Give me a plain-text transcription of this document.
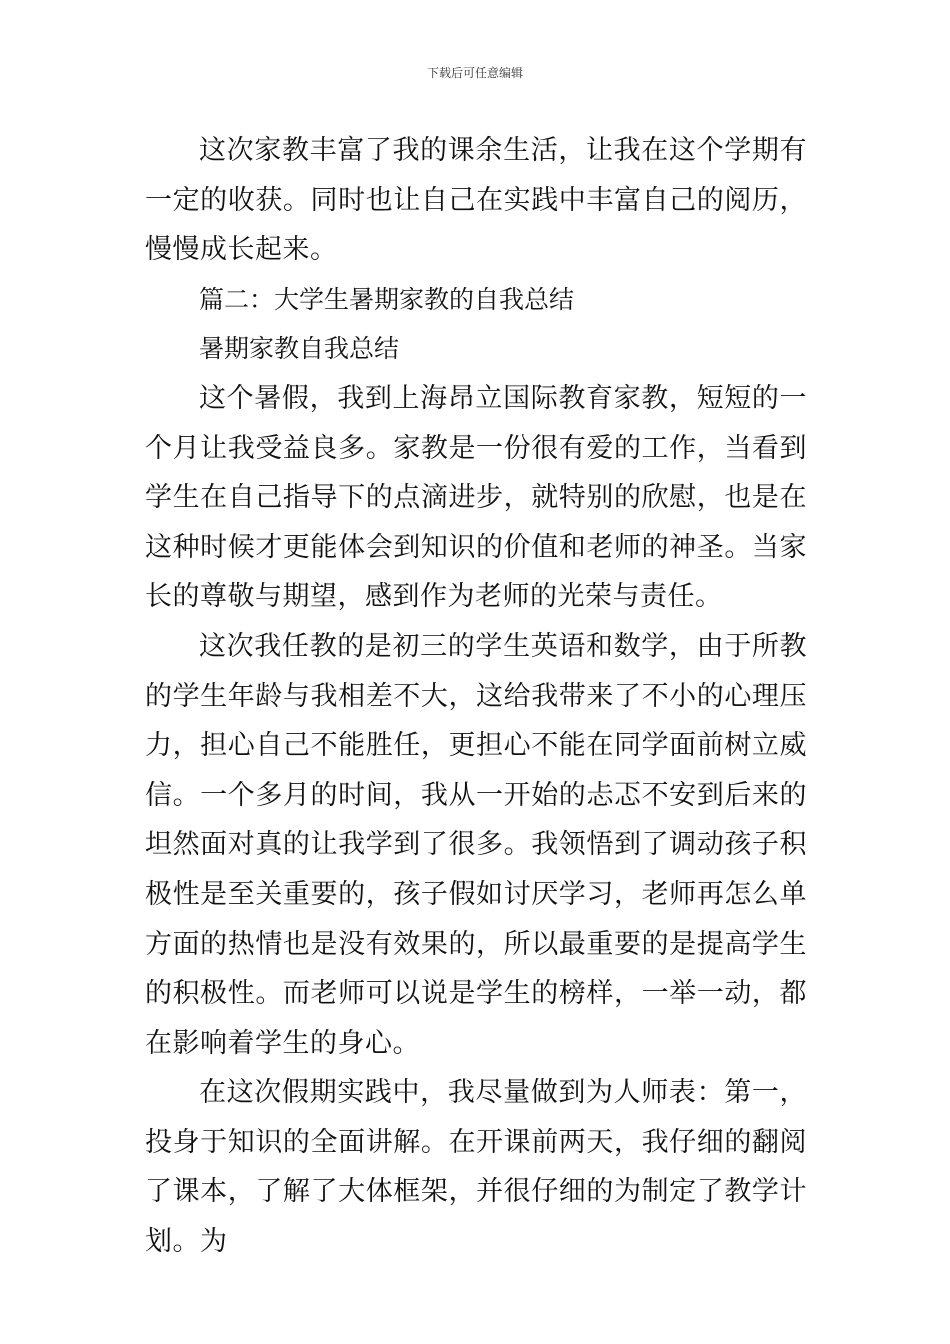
下载后可任意编辑

这次家教丰富了我的课余生活，让我在这个学期有一定的收获。同时也让自己在实践中丰富自己的阅历，慢慢成长起来。

篇二：大学生暑期家教的自我总结

暑期家教自我总结

这个暑假，我到上海昂立国际教育家教，短短的一个月让我受益良多。家教是一份很有爱的工作，当看到学生在自己指导下的点滴进步，就特别的欣慰，也是在这种时候才更能体会到知识的价值和老师的神圣。当家长的尊敬与期望，感到作为老师的光荣与责任。

这次我任教的是初三的学生英语和数学，由于所教的学生年龄与我相差不大，这给我带来了不小的心理压力，担心自己不能胜任，更担心不能在同学面前树立威信。一个多月的时间，我从一开始的忐忑不安到后来的坦然面对真的让我学到了很多。我领悟到了调动孩子积极性是至关重要的，孩子假如讨厌学习，老师再怎么单方面的热情也是没有效果的，所以最重要的是提高学生的积极性。而老师可以说是学生的榜样，一举一动，都在影响着学生的身心。

在这次假期实践中，我尽量做到为人师表：第一，投身于知识的全面讲解。在开课前两天，我仔细的翻阅了课本，了解了大体框架，并很仔细的为制定了教学计划。为
